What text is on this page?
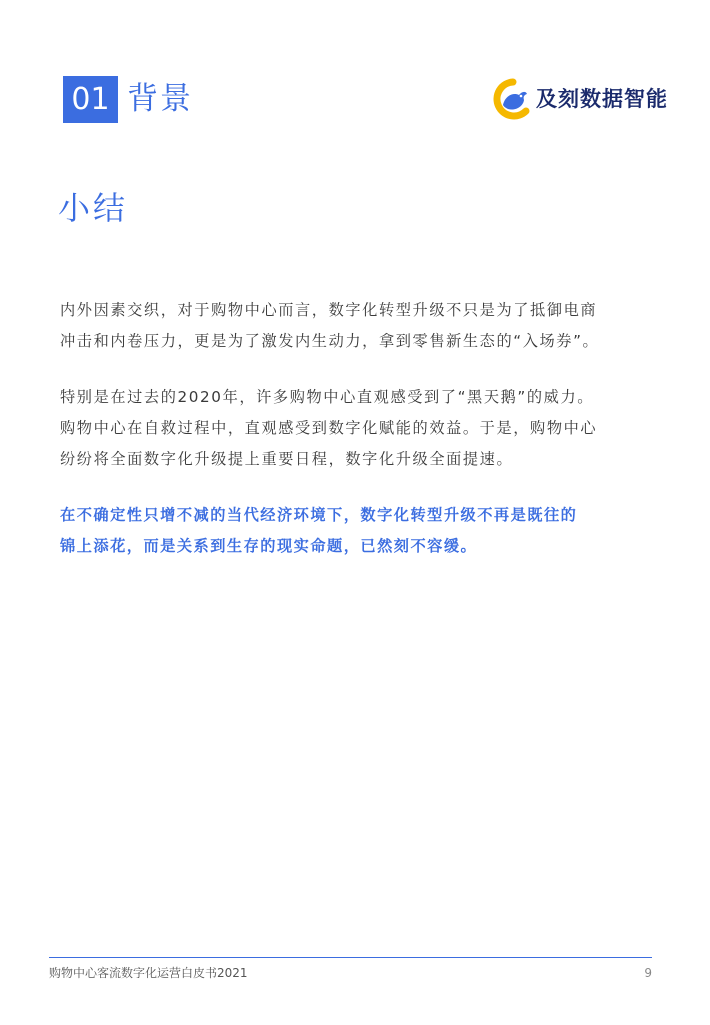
01 背景	及刻数据智能
小结

内外因素交织，对于购物中心而言，数字化转型升级不只是为了抵御电商
冲击和内卷压力，更是为了激发内生动力，拿到零售新生态的“入场券”。

特别是在过去的2020年，许多购物中心直观感受到了“黑天鹅”的威力。
购物中心在自救过程中，直观感受到数字化赋能的效益。于是，购物中心
纷纷将全面数字化升级提上重要日程，数字化升级全面提速。

在不确定性只增不减的当代经济环境下，数字化转型升级不再是既往的
锦上添花，而是关系到生存的现实命题，已然刻不容缓。

购物中心客流数字化运营白皮书2021	9
